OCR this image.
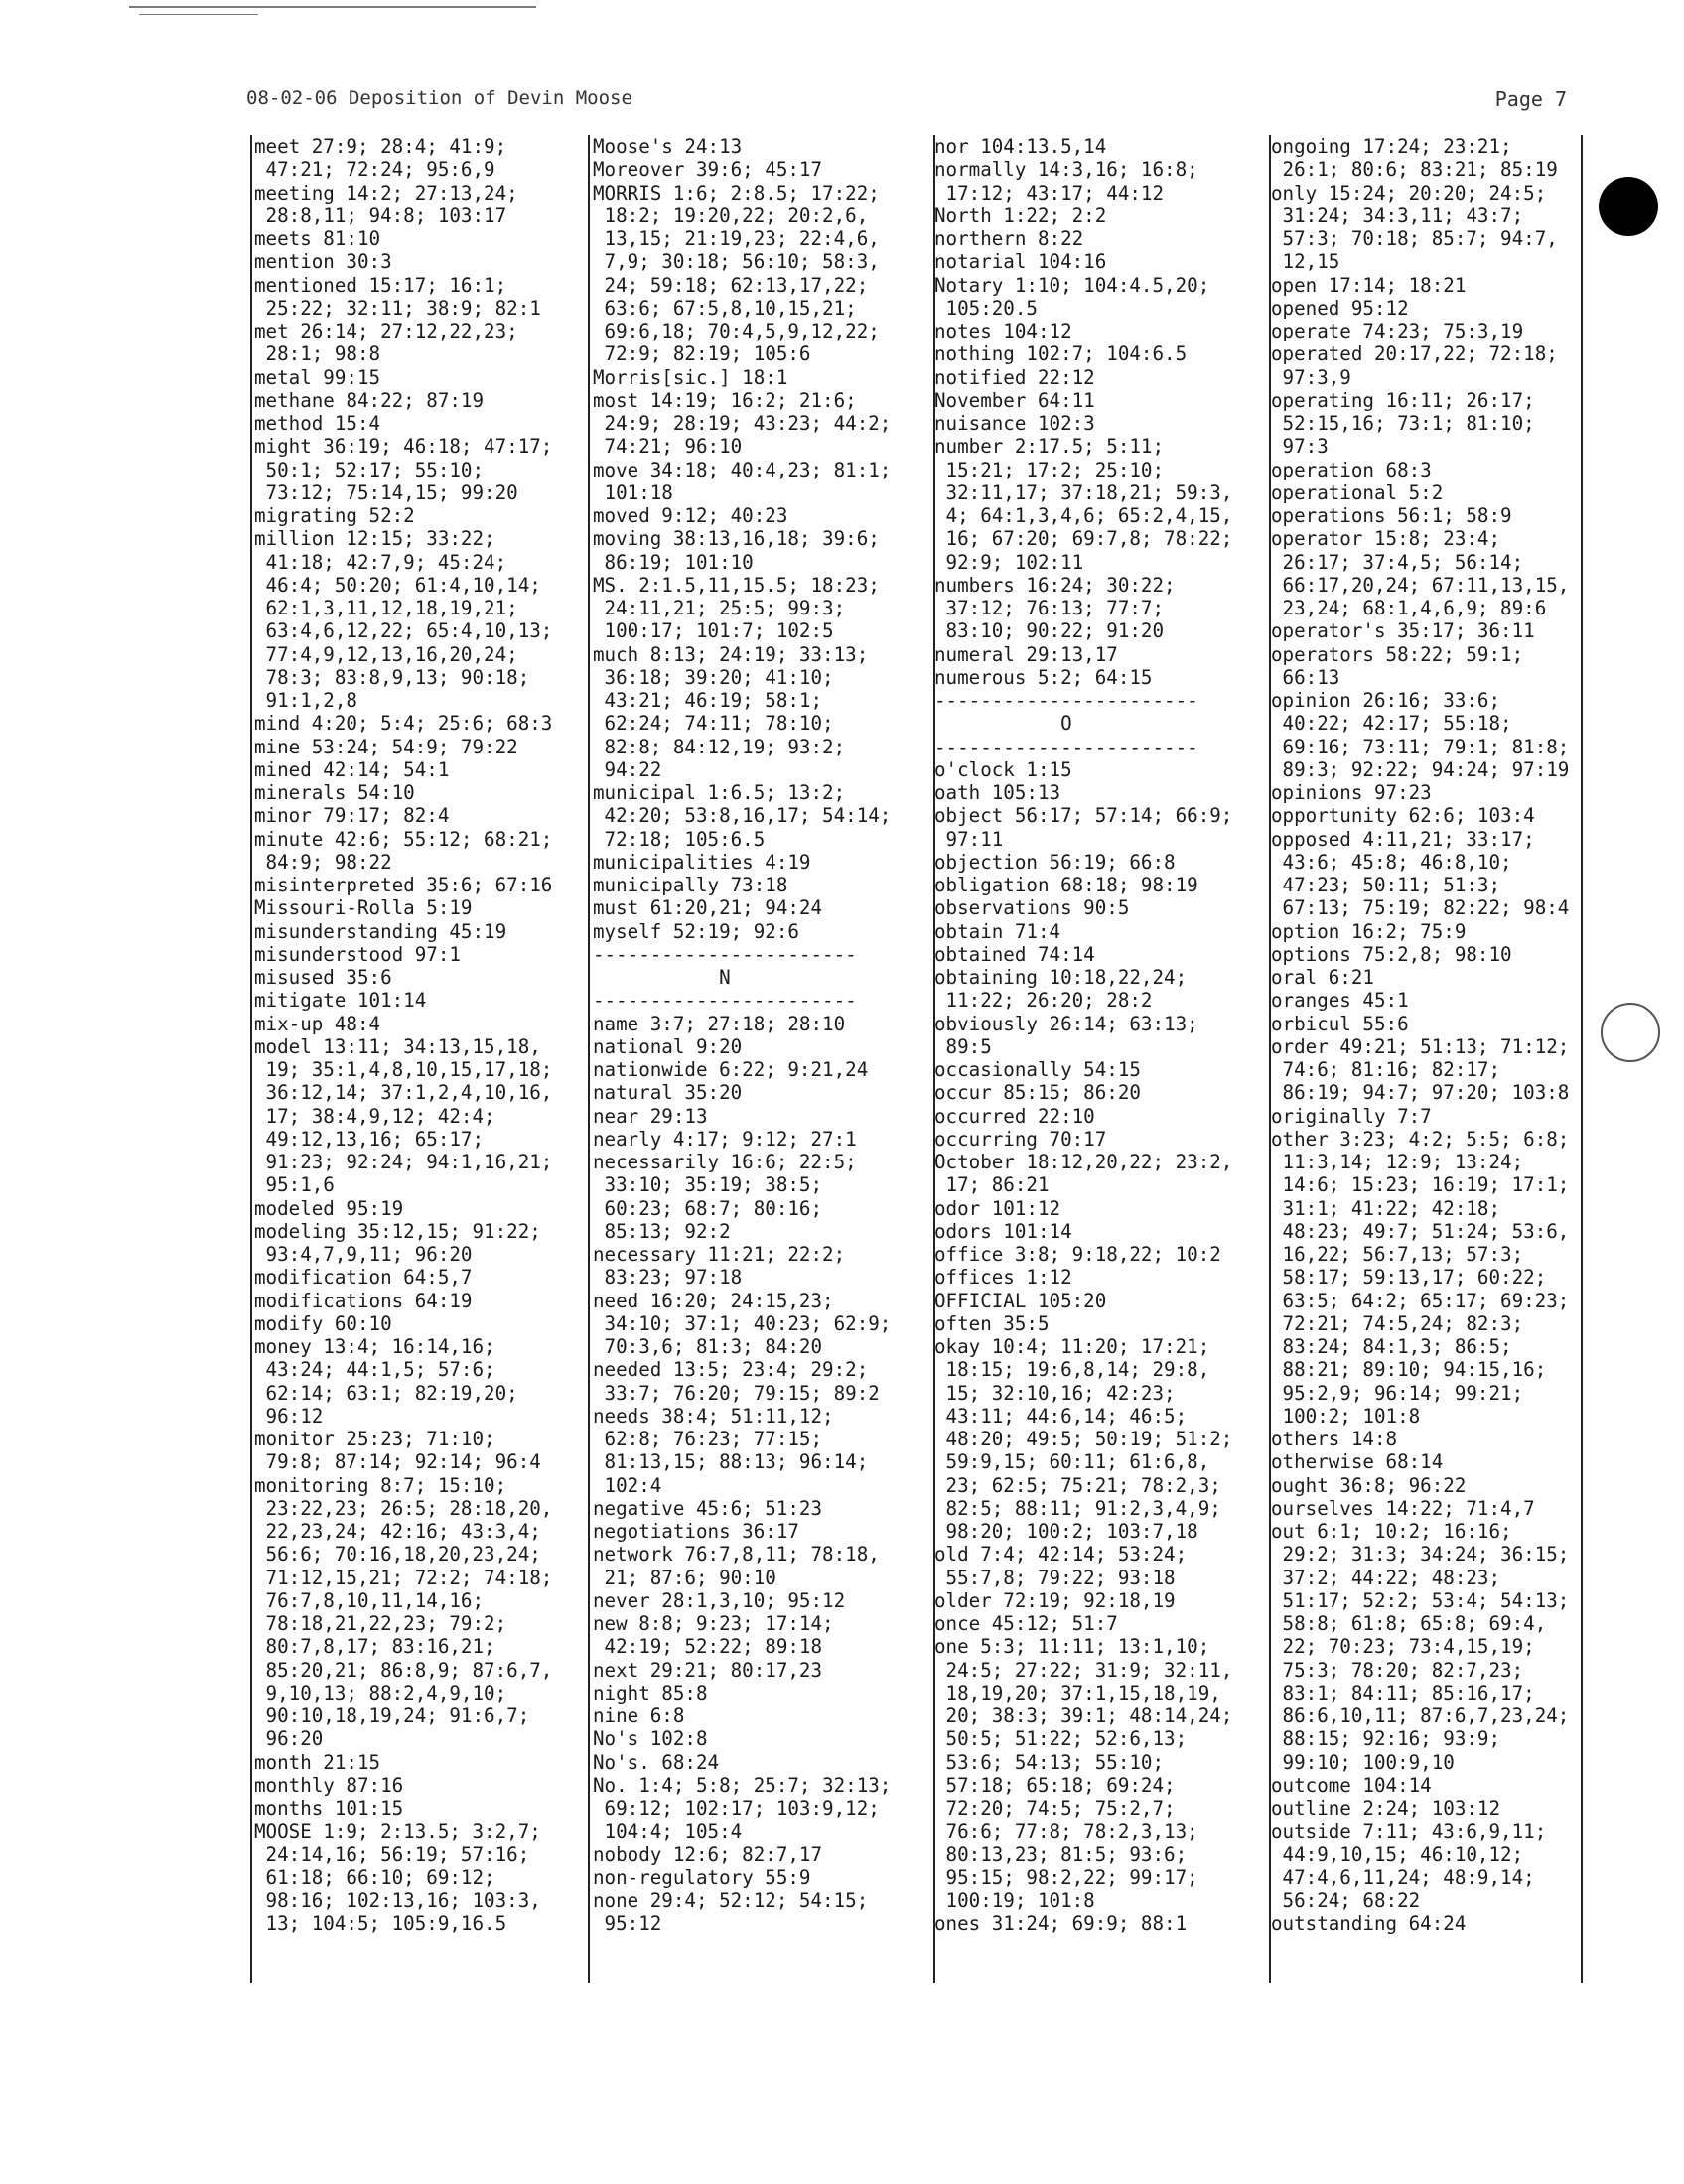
08-02-06 Deposition of Devin Moose	Page 7
meet 27:9; 28:4; 41:9;
47:21; 72:24; 95:6,9
meeting 14:2; 27:13,24;
28:8,11; 94:8; 103:17
meets 81:10
mention 30:3
mentioned 15:17; 16:1;
25:22; 32:11; 38:9; 82:1
met 26:14; 27:12,22,23;
28:1; 98:8
metal 99:15
methane 84:22; 87:19
method 15:4
might 36:19; 46:18; 47:17;
50:1; 52:17; 55:10;
73:12; 75:14,15; 99:20
migrating 52:2
million 12:15; 33:22;
41:18; 42:7,9; 45:24;
46:4; 50:20; 61:4,10,14;
62:1,3,11,12,18,19,21;
63:4,6,12,22; 65:4,10,13;
77:4,9,12,13,16,20,24;
78:3; 83:8,9,13; 90:18;
91:1,2,8
mind 4:20; 5:4; 25:6; 68:3
mine 53:24; 54:9; 79:22
mined 42:14; 54:1
minerals 54:10
minor 79:17; 82:4
minute 42:6; 55:12; 68:21;
84:9; 98:22
misinterpreted 35:6; 67:16
Missouri-Rolla 5:19
misunderstanding 45:19
misunderstood 97:1
misused 35:6
mitigate 101:14
mix-up 48:4
model 13:11; 34:13,15,18,
19; 35:1,4,8,10,15,17,18;
36:12,14; 37:1,2,4,10,16,
17; 38:4,9,12; 42:4;
49:12,13,16; 65:17;
91:23; 92:24; 94:1,16,21;
95:1,6
modeled 95:19
modeling 35:12,15; 91:22;
93:4,7,9,11; 96:20
modification 64:5,7
modifications 64:19
modify 60:10
money 13:4; 16:14,16;
43:24; 44:1,5; 57:6;
62:14; 63:1; 82:19,20;
96:12
monitor 25:23; 71:10;
79:8; 87:14; 92:14; 96:4
monitoring 8:7; 15:10;
23:22,23; 26:5; 28:18,20,
22,23,24; 42:16; 43:3,4;
56:6; 70:16,18,20,23,24;
71:12,15,21; 72:2; 74:18;
76:7,8,10,11,14,16;
78:18,21,22,23; 79:2;
80:7,8,17; 83:16,21;
85:20,21; 86:8,9; 87:6,7,
9,10,13; 88:2,4,9,10;
90:10,18,19,24; 91:6,7;
96:20
month 21:15
monthly 87:16
months 101:15
MOOSE 1:9; 2:13.5; 3:2,7;
24:14,16; 56:19; 57:16;
61:18; 66:10; 69:12;
98:16; 102:13,16; 103:3,
13; 104:5; 105:9,16.5
Moose's 24:13
Moreover 39:6; 45:17
MORRIS 1:6; 2:8.5; 17:22;
18:2; 19:20,22; 20:2,6,
13,15; 21:19,23; 22:4,6,
7,9; 30:18; 56:10; 58:3,
24; 59:18; 62:13,17,22;
63:6; 67:5,8,10,15,21;
69:6,18; 70:4,5,9,12,22;
72:9; 82:19; 105:6
Morris[sic.] 18:1
most 14:19; 16:2; 21:6;
24:9; 28:19; 43:23; 44:2;
74:21; 96:10
move 34:18; 40:4,23; 81:1;
101:18
moved 9:12; 40:23
moving 38:13,16,18; 39:6;
86:19; 101:10
MS. 2:1.5,11,15.5; 18:23;
24:11,21; 25:5; 99:3;
100:17; 101:7; 102:5
much 8:13; 24:19; 33:13;
36:18; 39:20; 41:10;
43:21; 46:19; 58:1;
62:24; 74:11; 78:10;
82:8; 84:12,19; 93:2;
94:22
municipal 1:6.5; 13:2;
42:20; 53:8,16,17; 54:14;
72:18; 105:6.5
municipalities 4:19
municipally 73:18
must 61:20,21; 94:24
myself 52:19; 92:6
-----------------------
N
-----------------------
name 3:7; 27:18; 28:10
national 9:20
nationwide 6:22; 9:21,24
natural 35:20
near 29:13
nearly 4:17; 9:12; 27:1
necessarily 16:6; 22:5;
33:10; 35:19; 38:5;
60:23; 68:7; 80:16;
85:13; 92:2
necessary 11:21; 22:2;
83:23; 97:18
need 16:20; 24:15,23;
34:10; 37:1; 40:23; 62:9;
70:3,6; 81:3; 84:20
needed 13:5; 23:4; 29:2;
33:7; 76:20; 79:15; 89:2
needs 38:4; 51:11,12;
62:8; 76:23; 77:15;
81:13,15; 88:13; 96:14;
102:4
negative 45:6; 51:23
negotiations 36:17
network 76:7,8,11; 78:18,
21; 87:6; 90:10
never 28:1,3,10; 95:12
new 8:8; 9:23; 17:14;
42:19; 52:22; 89:18
next 29:21; 80:17,23
night 85:8
nine 6:8
No's 102:8
No's. 68:24
No. 1:4; 5:8; 25:7; 32:13;
69:12; 102:17; 103:9,12;
104:4; 105:4
nobody 12:6; 82:7,17
non-regulatory 55:9
none 29:4; 52:12; 54:15;
95:12
nor 104:13.5,14
normally 14:3,16; 16:8;
17:12; 43:17; 44:12
North 1:22; 2:2
northern 8:22
notarial 104:16
Notary 1:10; 104:4.5,20;
105:20.5
notes 104:12
nothing 102:7; 104:6.5
notified 22:12
November 64:11
nuisance 102:3
number 2:17.5; 5:11;
15:21; 17:2; 25:10;
32:11,17; 37:18,21; 59:3,
4; 64:1,3,4,6; 65:2,4,15,
16; 67:20; 69:7,8; 78:22;
92:9; 102:11
numbers 16:24; 30:22;
37:12; 76:13; 77:7;
83:10; 90:22; 91:20
numeral 29:13,17
numerous 5:2; 64:15
-----------------------
O
-----------------------
o'clock 1:15
oath 105:13
object 56:17; 57:14; 66:9;
97:11
objection 56:19; 66:8
obligation 68:18; 98:19
observations 90:5
obtain 71:4
obtained 74:14
obtaining 10:18,22,24;
11:22; 26:20; 28:2
obviously 26:14; 63:13;
89:5
occasionally 54:15
occur 85:15; 86:20
occurred 22:10
occurring 70:17
October 18:12,20,22; 23:2,
17; 86:21
odor 101:12
odors 101:14
office 3:8; 9:18,22; 10:2
offices 1:12
OFFICIAL 105:20
often 35:5
okay 10:4; 11:20; 17:21;
18:15; 19:6,8,14; 29:8,
15; 32:10,16; 42:23;
43:11; 44:6,14; 46:5;
48:20; 49:5; 50:19; 51:2;
59:9,15; 60:11; 61:6,8,
23; 62:5; 75:21; 78:2,3;
82:5; 88:11; 91:2,3,4,9;
98:20; 100:2; 103:7,18
old 7:4; 42:14; 53:24;
55:7,8; 79:22; 93:18
older 72:19; 92:18,19
once 45:12; 51:7
one 5:3; 11:11; 13:1,10;
24:5; 27:22; 31:9; 32:11,
18,19,20; 37:1,15,18,19,
20; 38:3; 39:1; 48:14,24;
50:5; 51:22; 52:6,13;
53:6; 54:13; 55:10;
57:18; 65:18; 69:24;
72:20; 74:5; 75:2,7;
76:6; 77:8; 78:2,3,13;
80:13,23; 81:5; 93:6;
95:15; 98:2,22; 99:17;
100:19; 101:8
ones 31:24; 69:9; 88:1
ongoing 17:24; 23:21;
26:1; 80:6; 83:21; 85:19
only 15:24; 20:20; 24:5;
31:24; 34:3,11; 43:7;
57:3; 70:18; 85:7; 94:7,
12,15
open 17:14; 18:21
opened 95:12
operate 74:23; 75:3,19
operated 20:17,22; 72:18;
97:3,9
operating 16:11; 26:17;
52:15,16; 73:1; 81:10;
97:3
operation 68:3
operational 5:2
operations 56:1; 58:9
operator 15:8; 23:4;
26:17; 37:4,5; 56:14;
66:17,20,24; 67:11,13,15,
23,24; 68:1,4,6,9; 89:6
operator's 35:17; 36:11
operators 58:22; 59:1;
66:13
opinion 26:16; 33:6;
40:22; 42:17; 55:18;
69:16; 73:11; 79:1; 81:8;
89:3; 92:22; 94:24; 97:19
opinions 97:23
opportunity 62:6; 103:4
opposed 4:11,21; 33:17;
43:6; 45:8; 46:8,10;
47:23; 50:11; 51:3;
67:13; 75:19; 82:22; 98:4
option 16:2; 75:9
options 75:2,8; 98:10
oral 6:21
oranges 45:1
orbicul 55:6
order 49:21; 51:13; 71:12;
74:6; 81:16; 82:17;
86:19; 94:7; 97:20; 103:8
originally 7:7
other 3:23; 4:2; 5:5; 6:8;
11:3,14; 12:9; 13:24;
14:6; 15:23; 16:19; 17:1;
31:1; 41:22; 42:18;
48:23; 49:7; 51:24; 53:6,
16,22; 56:7,13; 57:3;
58:17; 59:13,17; 60:22;
63:5; 64:2; 65:17; 69:23;
72:21; 74:5,24; 82:3;
83:24; 84:1,3; 86:5;
88:21; 89:10; 94:15,16;
95:2,9; 96:14; 99:21;
100:2; 101:8
others 14:8
otherwise 68:14
ought 36:8; 96:22
ourselves 14:22; 71:4,7
out 6:1; 10:2; 16:16;
29:2; 31:3; 34:24; 36:15;
37:2; 44:22; 48:23;
51:17; 52:2; 53:4; 54:13;
58:8; 61:8; 65:8; 69:4,
22; 70:23; 73:4,15,19;
75:3; 78:20; 82:7,23;
83:1; 84:11; 85:16,17;
86:6,10,11; 87:6,7,23,24;
88:15; 92:16; 93:9;
99:10; 100:9,10
outcome 104:14
outline 2:24; 103:12
outside 7:11; 43:6,9,11;
44:9,10,15; 46:10,12;
47:4,6,11,24; 48:9,14;
56:24; 68:22
outstanding 64:24
